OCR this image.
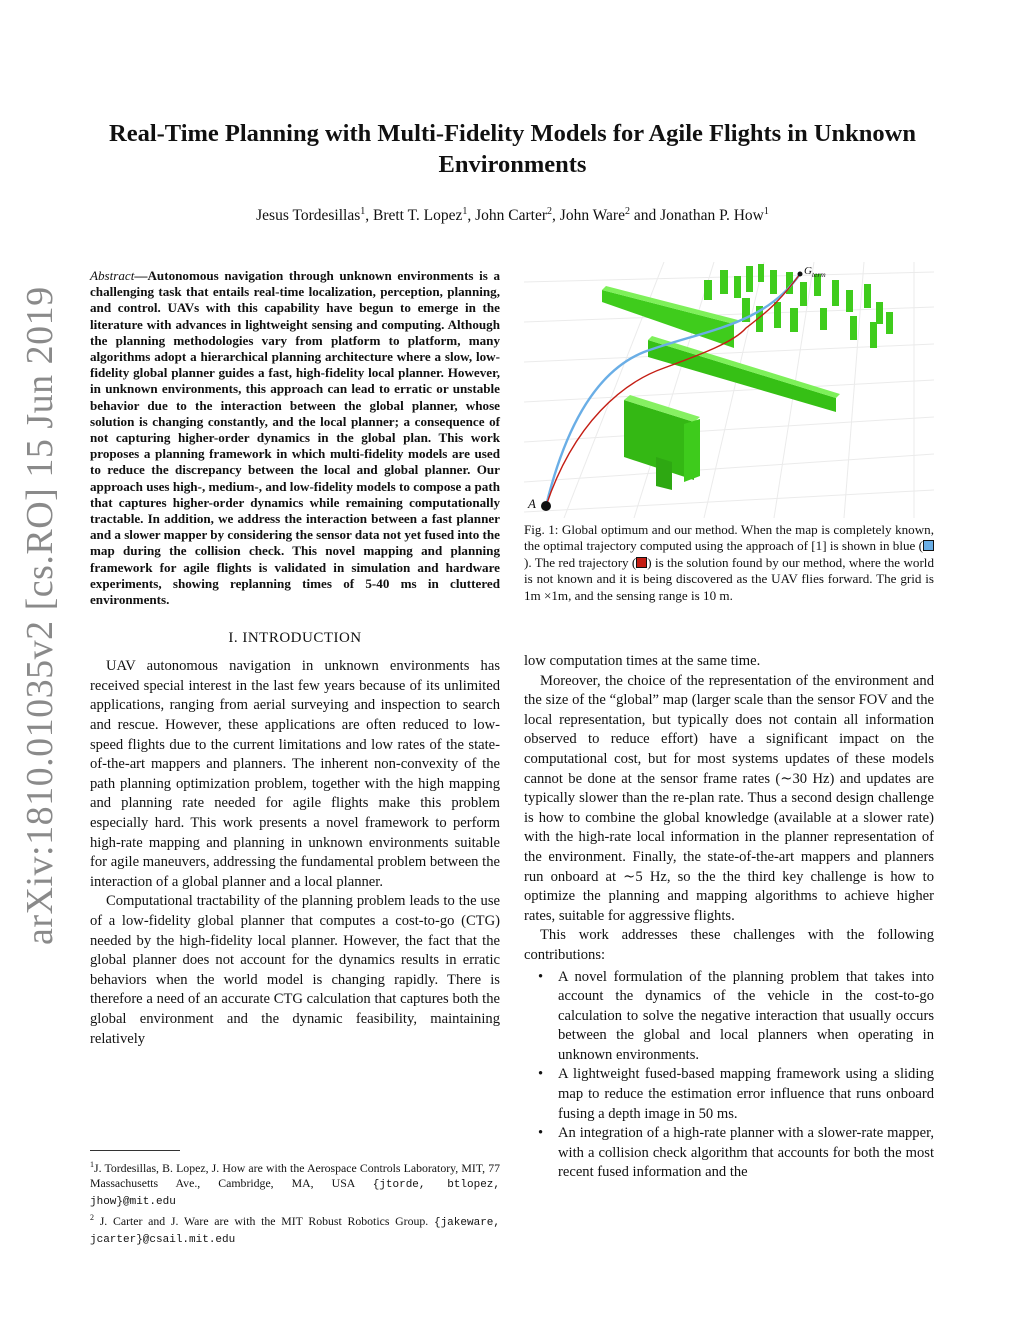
arXiv:1810.01035v2 [cs.RO] 15 Jun 2019
Real-Time Planning with Multi-Fidelity Models for Agile Flights in Unknown Environments
Jesus Tordesillas$^1$, Brett T. Lopez$^1$, John Carter$^2$, John Ware$^2$ and Jonathan P. How$^1$

Abstract—Autonomous navigation through unknown environments is a challenging task that entails real-time localization, perception, planning, and control. UAVs with this capability have begun to emerge in the literature with advances in lightweight sensing and computing. Although the planning methodologies vary from platform to platform, many algorithms adopt a hierarchical planning architecture where a slow, low-fidelity global planner guides a fast, high-fidelity local planner. However, in unknown environments, this approach can lead to erratic or unstable behavior due to the interaction between the global planner, whose solution is changing constantly, and the local planner; a consequence of not capturing higher-order dynamics in the global plan. This work proposes a planning framework in which multi-fidelity models are used to reduce the discrepancy between the local and global planner. Our approach uses high-, medium-, and low-fidelity models to compose a path that captures higher-order dynamics while remaining computationally tractable. In addition, we address the interaction between a fast planner and a slower mapper by considering the sensor data not yet fused into the map during the collision check. This novel mapping and planning framework for agile flights is validated in simulation and hardware experiments, showing replanning times of 5-40 ms in cluttered environments.

I. INTRODUCTION

UAV autonomous navigation in unknown environments has received special interest in the last few years because of its unlimited applications, ranging from aerial surveying and inspection to search and rescue. However, these applications are often reduced to low-speed flights due to the current limitations and low rates of the state-of-the-art mappers and planners. The inherent non-convexity of the path planning optimization problem, together with the high mapping and planning rate needed for agile flights make this problem especially hard. This work presents a novel framework to perform high-rate mapping and planning in unknown environments suitable for agile maneuvers, addressing the fundamental problem between the interaction of a global planner and a local planner.

Computational tractability of the planning problem leads to the use of a low-fidelity global planner that computes a cost-to-go (CTG) needed by the high-fidelity local planner. However, the fact that the global planner does not account for the dynamics results in erratic behaviors when the world model is changing rapidly. There is therefore a need of an accurate CTG calculation that captures both the global environment and the dynamic feasibility, maintaining relatively

$^1$J. Tordesillas, B. Lopez, J. How are with the Aerospace Controls Laboratory, MIT, 77 Massachusetts Ave., Cambridge, MA, USA {jtorde, btlopez, jhow}@mit.edu

$^2$ J. Carter and J. Ware are with the MIT Robust Robotics Group. {jakeware, jcarter}@csail.mit.edu

$G_{term}$
A

Fig. 1: Global optimum and our method. When the map is completely known, the optimal trajectory computed using the approach of [1] is shown in blue (). The red trajectory ( ) is the solution found by our method, where the world is not known and it is being discovered as the UAV flies forward. The grid is 1m ×1m, and the sensing range is 10 m.

low computation times at the same time.

Moreover, the choice of the representation of the environment and the size of the “global” map (larger scale than the sensor FOV and the local representation, but typically does not contain all information observed to reduce effort) have a significant impact on the computational cost, but for most systems updates of these models cannot be done at the sensor frame rates (∼30 Hz) and updates are typically slower than the re-plan rate. Thus a second design challenge is how to combine the global knowledge (available at a slower rate) with the high-rate local information in the planner representation of the environment. Finally, the state-of-the-art mappers and planners run onboard at ∼5 Hz, so the the third key challenge is how to optimize the planning and mapping algorithms to achieve higher rates, suitable for aggressive flights.

This work addresses these challenges with the following contributions:

• A novel formulation of the planning problem that takes into account the dynamics of the vehicle in the cost-to-go calculation to solve the negative interaction that usually occurs between the global and local planners when operating in unknown environments.
• A lightweight fused-based mapping framework using a sliding map to reduce the estimation error influence that runs onboard fusing a depth image in 50 ms.
• An integration of a high-rate planner with a slower-rate mapper, with a collision check algorithm that accounts for both the most recent fused information and the
